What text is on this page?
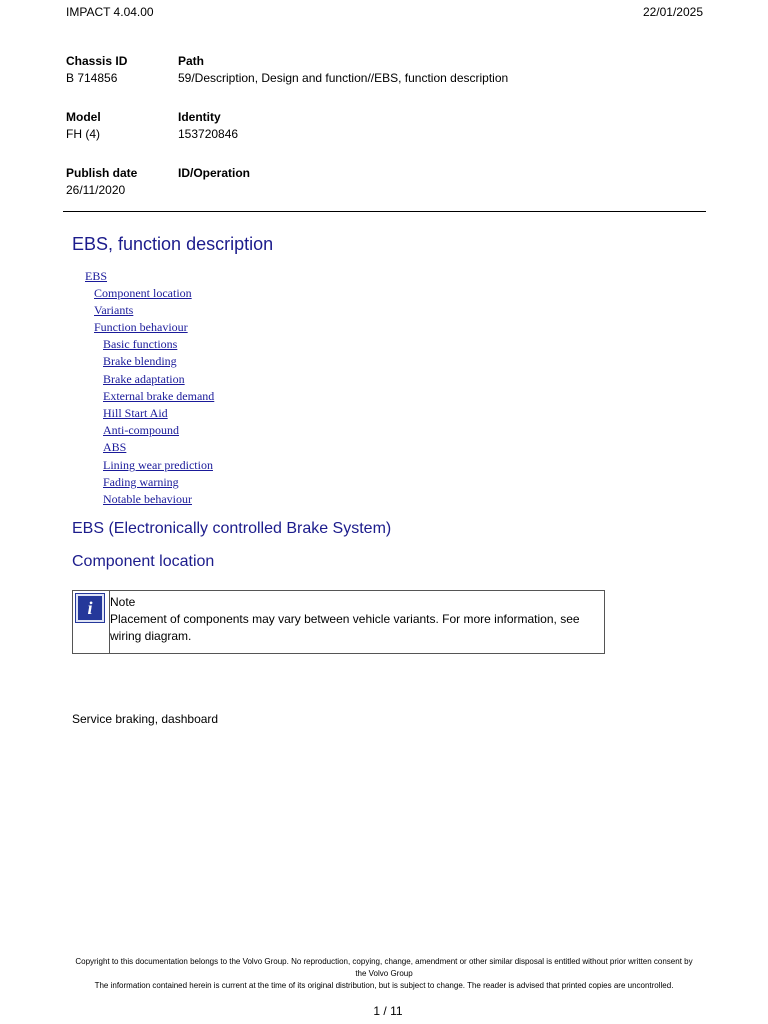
IMPACT 4.04.00	22/01/2025
Chassis ID
B 714856
Path
59/Description, Design and function//EBS, function description
Model
FH (4)
Identity
153720846
Publish date
26/11/2020
ID/Operation
EBS, function description
EBS
Component location
Variants
Function behaviour
Basic functions
Brake blending
Brake adaptation
External brake demand
Hill Start Aid
Anti-compound
ABS
Lining wear prediction
Fading warning
Notable behaviour
EBS (Electronically controlled Brake System)
Component location
i	Note
Placement of components may vary between vehicle variants. For more information, see wiring diagram.
Service braking, dashboard
Copyright to this documentation belongs to the Volvo Group. No reproduction, copying, change, amendment or other similar disposal is entitled without prior written consent by
the Volvo Group
The information contained herein is current at the time of its original distribution, but is subject to change. The reader is advised that printed copies are uncontrolled.
1 / 11
